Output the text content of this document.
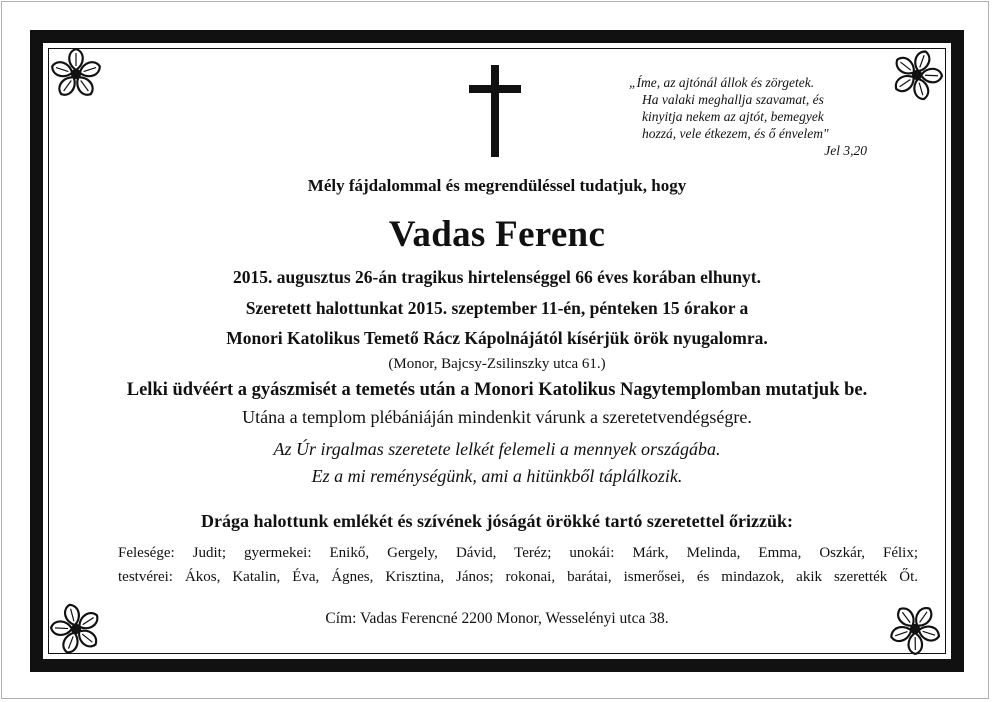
„Íme, az ajtónál állok és zörgetek.
Ha valaki meghallja szavamat, és
kinyitja nekem az ajtót, bemegyek
hozzá, vele étkezem, és ő énvelem"
Jel 3,20
Mély fájdalommal és megrendüléssel tudatjuk, hogy
Vadas Ferenc
2015. augusztus 26-án tragikus hirtelenséggel 66 éves korában elhunyt.
Szeretett halottunkat 2015. szeptember 11-én, pénteken 15 órakor a
Monori Katolikus Temető Rácz Kápolnájától kísérjük örök nyugalomra.
(Monor, Bajcsy-Zsilinszky utca 61.)
Lelki üdvéért a gyászmisét a temetés után a Monori Katolikus Nagytemplomban mutatjuk be.
Utána a templom plébániáján mindenkit várunk a szeretetvendégségre.
Az Úr irgalmas szeretete lelkét felemeli a mennyek országába.
Ez a mi reménységünk, ami a hitünkből táplálkozik.
Drága halottunk emlékét és szívének jóságát örökké tartó szeretettel őrizzük:
Felesége: Judit; gyermekei: Enikő, Gergely, Dávid, Teréz; unokái: Márk, Melinda, Emma, Oszkár, Félix;
testvérei: Ákos, Katalin, Éva, Ágnes, Krisztina, János; rokonai, barátai, ismerősei, és mindazok, akik szerették Őt.
Cím: Vadas Ferencné 2200 Monor, Wesselényi utca 38.
